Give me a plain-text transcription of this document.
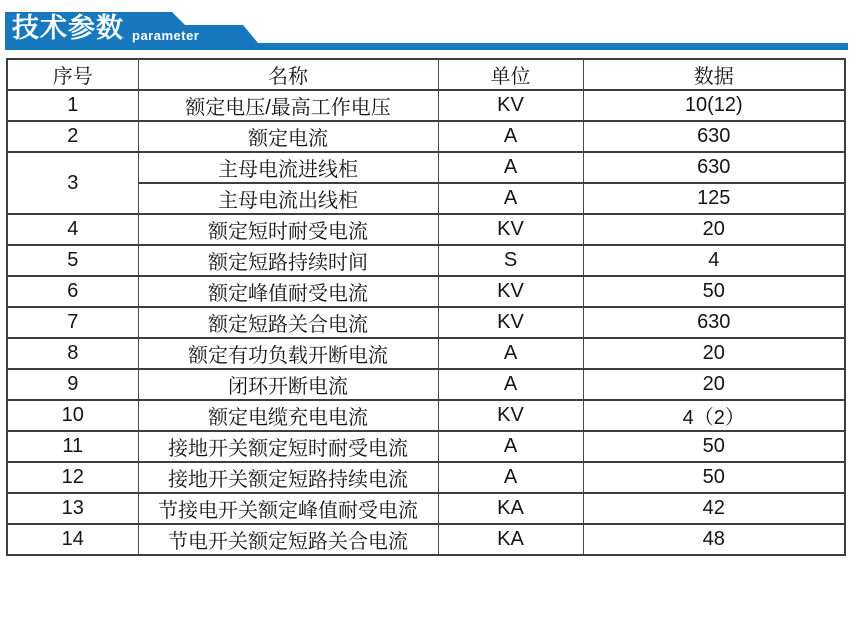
技术参数 parameter
序号	名称	单位	数据
1	额定电压/最高工作电压	KV	10(12)
2	额定电流	A	630
3	主母电流进线柜	A	630
	主母电流出线柜	A	125
4	额定短时耐受电流	KV	20
5	额定短路持续时间	S	4
6	额定峰值耐受电流	KV	50
7	额定短路关合电流	KV	630
8	额定有功负载开断电流	A	20
9	闭环开断电流	A	20
10	额定电缆充电电流	KV	4（2）
11	接地开关额定短时耐受电流	A	50
12	接地开关额定短路持续电流	A	50
13	节接电开关额定峰值耐受电流	KA	42
14	节电开关额定短路关合电流	KA	48
